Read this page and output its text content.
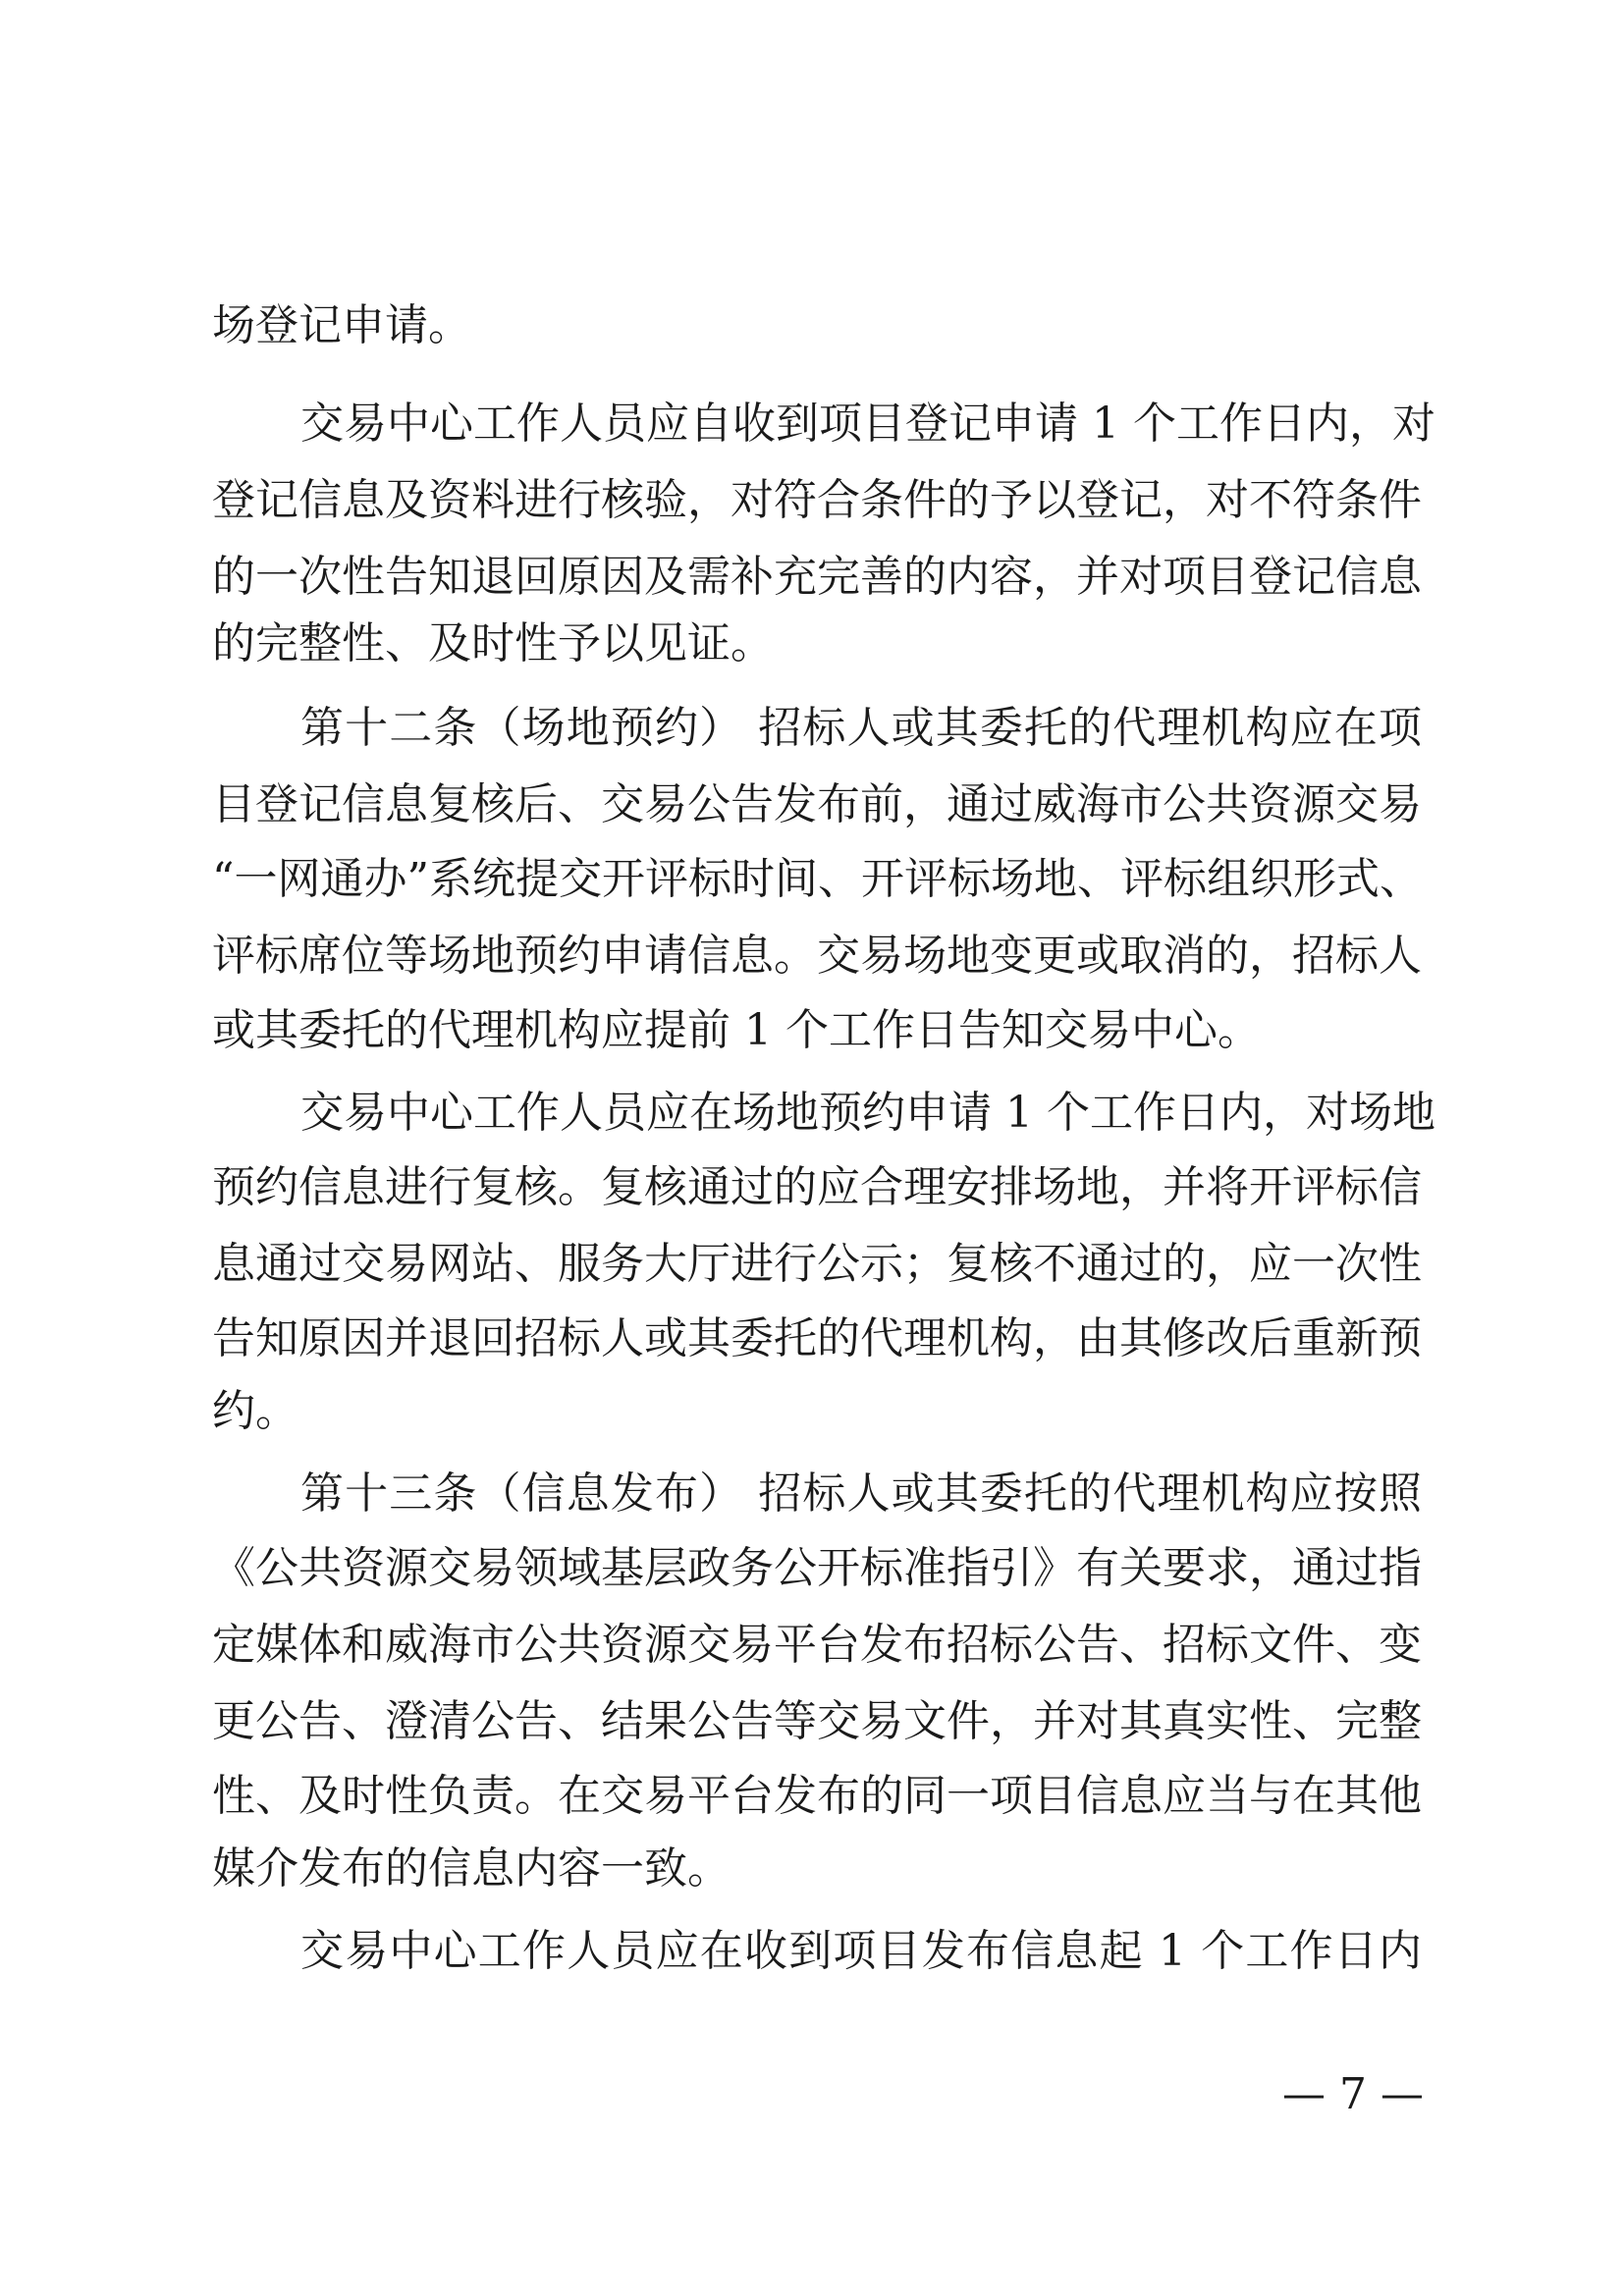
场登记申请。

交易中心工作人员应自收到项目登记申请 1 个工作日内，对

登记信息及资料进行核验，对符合条件的予以登记，对不符条件

的一次性告知退回原因及需补充完善的内容，并对项目登记信息

的完整性、及时性予以见证。

第十二条（场地预约） 招标人或其委托的代理机构应在项

目登记信息复核后、交易公告发布前，通过威海市公共资源交易

“一网通办”系统提交开评标时间、开评标场地、评标组织形式、

评标席位等场地预约申请信息。交易场地变更或取消的，招标人

或其委托的代理机构应提前 1 个工作日告知交易中心。

交易中心工作人员应在场地预约申请 1 个工作日内，对场地

预约信息进行复核。复核通过的应合理安排场地，并将开评标信

息通过交易网站、服务大厅进行公示；复核不通过的，应一次性

告知原因并退回招标人或其委托的代理机构，由其修改后重新预

约。

第十三条（信息发布） 招标人或其委托的代理机构应按照

《公共资源交易领域基层政务公开标准指引》有关要求，通过指

定媒体和威海市公共资源交易平台发布招标公告、招标文件、变

更公告、澄清公告、结果公告等交易文件，并对其真实性、完整

性、及时性负责。在交易平台发布的同一项目信息应当与在其他

媒介发布的信息内容一致。

交易中心工作人员应在收到项目发布信息起 1 个工作日内

— 7 —
